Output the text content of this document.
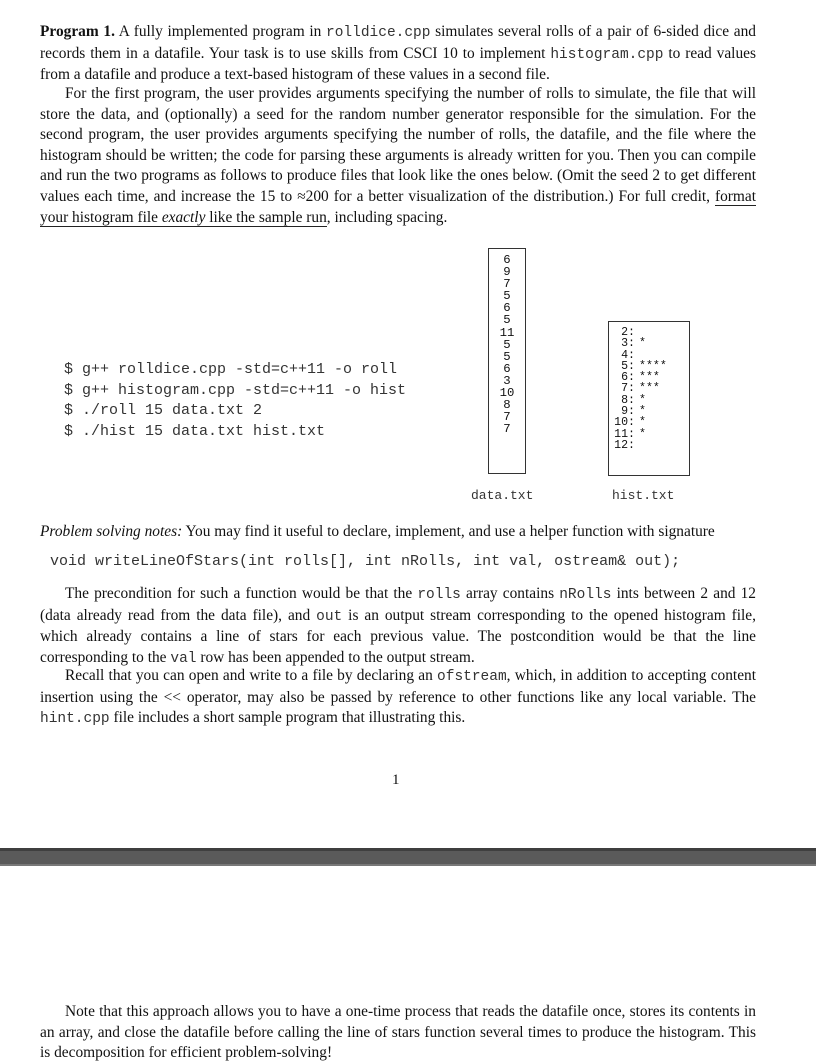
Program 1. A fully implemented program in rolldice.cpp simulates several rolls of a pair of 6-sided dice and records them in a datafile. Your task is to use skills from CSCI 10 to implement histogram.cpp to read values from a datafile and produce a text-based histogram of these values in a second file.

For the first program, the user provides arguments specifying the number of rolls to simulate, the file that will store the data, and (optionally) a seed for the random number generator responsible for the simulation. For the second program, the user provides arguments specifying the number of rolls, the datafile, and the file where the histogram should be written; the code for parsing these arguments is already written for you. Then you can compile and run the two programs as follows to produce files that look like the ones below. (Omit the seed 2 to get different values each time, and increase the 15 to ≈200 for a better visualization of the distribution.) For full credit, format your histogram file exactly like the sample run, including spacing.

$ g++ rolldice.cpp -std=c++11 -o roll
$ g++ histogram.cpp -std=c++11 -o hist
$ ./roll 15 data.txt 2
$ ./hist 15 data.txt hist.txt
6
9
7
5
6
5
11
5
5
6
3
10
8
7
7
2:
3: *
4:
5: ****
6: ***
7: ***
8: *
9: *
10: *
11: *
12:
data.txt	hist.txt

Problem solving notes: You may find it useful to declare, implement, and use a helper function with signature

void writeLineOfStars(int rolls[], int nRolls, int val, ostream& out);

The precondition for such a function would be that the rolls array contains nRolls ints between 2 and 12 (data already read from the data file), and out is an output stream corresponding to the opened histogram file, which already contains a line of stars for each previous value. The postcondition would be that the line corresponding to the val row has been appended to the output stream.

Recall that you can open and write to a file by declaring an ofstream, which, in addition to accepting content insertion using the << operator, may also be passed by reference to other functions like any local variable. The hint.cpp file includes a short sample program that illustrating this.

1

Note that this approach allows you to have a one-time process that reads the datafile once, stores its contents in an array, and close the datafile before calling the line of stars function several times to produce the histogram. This is decomposition for efficient problem-solving!
